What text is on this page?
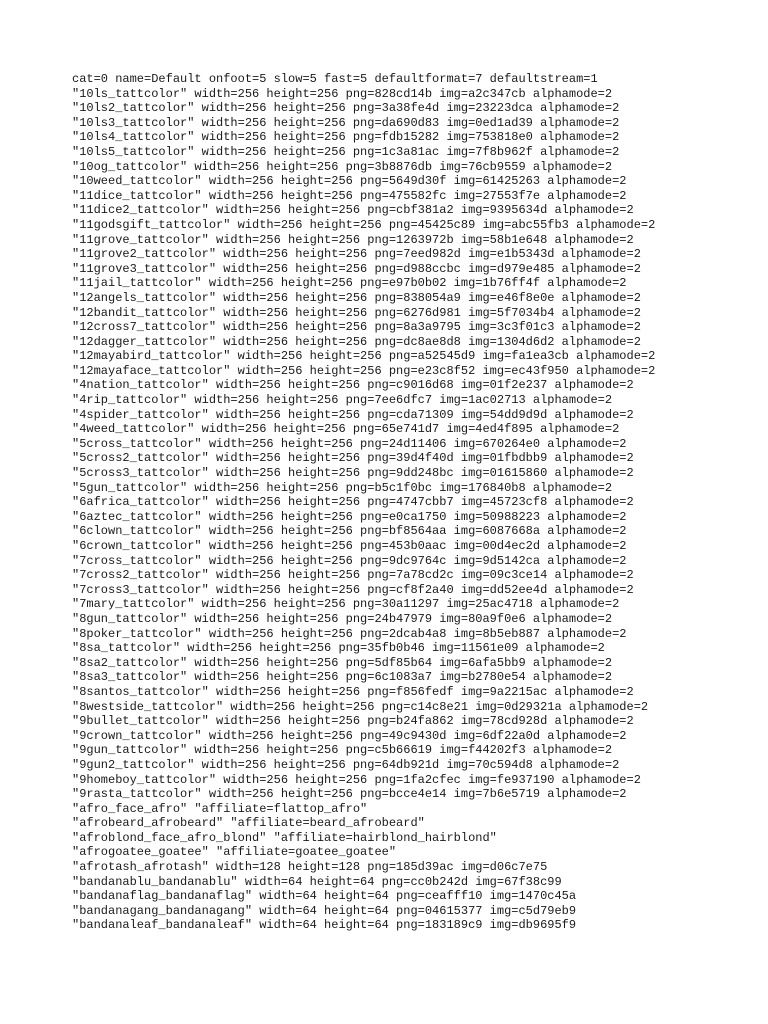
cat=0 name=Default onfoot=5 slow=5 fast=5 defaultformat=7 defaultstream=1
"10ls_tattcolor" width=256 height=256 png=828cd14b img=a2c347cb alphamode=2
"10ls2_tattcolor" width=256 height=256 png=3a38fe4d img=23223dca alphamode=2
"10ls3_tattcolor" width=256 height=256 png=da690d83 img=0ed1ad39 alphamode=2
"10ls4_tattcolor" width=256 height=256 png=fdb15282 img=753818e0 alphamode=2
"10ls5_tattcolor" width=256 height=256 png=1c3a81ac img=7f8b962f alphamode=2
"10og_tattcolor" width=256 height=256 png=3b8876db img=76cb9559 alphamode=2
"10weed_tattcolor" width=256 height=256 png=5649d30f img=61425263 alphamode=2
"11dice_tattcolor" width=256 height=256 png=475582fc img=27553f7e alphamode=2
"11dice2_tattcolor" width=256 height=256 png=cbf381a2 img=9395634d alphamode=2
"11godsgift_tattcolor" width=256 height=256 png=45425c89 img=abc55fb3 alphamode=2
"11grove_tattcolor" width=256 height=256 png=1263972b img=58b1e648 alphamode=2
"11grove2_tattcolor" width=256 height=256 png=7eed982d img=e1b5343d alphamode=2
"11grove3_tattcolor" width=256 height=256 png=d988ccbc img=d979e485 alphamode=2
"11jail_tattcolor" width=256 height=256 png=e97b0b02 img=1b76ff4f alphamode=2
"12angels_tattcolor" width=256 height=256 png=838054a9 img=e46f8e0e alphamode=2
"12bandit_tattcolor" width=256 height=256 png=6276d981 img=5f7034b4 alphamode=2
"12cross7_tattcolor" width=256 height=256 png=8a3a9795 img=3c3f01c3 alphamode=2
"12dagger_tattcolor" width=256 height=256 png=dc8ae8d8 img=1304d6d2 alphamode=2
"12mayabird_tattcolor" width=256 height=256 png=a52545d9 img=fa1ea3cb alphamode=2
"12mayaface_tattcolor" width=256 height=256 png=e23c8f52 img=ec43f950 alphamode=2
"4nation_tattcolor" width=256 height=256 png=c9016d68 img=01f2e237 alphamode=2
"4rip_tattcolor" width=256 height=256 png=7ee6dfc7 img=1ac02713 alphamode=2
"4spider_tattcolor" width=256 height=256 png=cda71309 img=54dd9d9d alphamode=2
"4weed_tattcolor" width=256 height=256 png=65e741d7 img=4ed4f895 alphamode=2
"5cross_tattcolor" width=256 height=256 png=24d11406 img=670264e0 alphamode=2
"5cross2_tattcolor" width=256 height=256 png=39d4f40d img=01fbdbb9 alphamode=2
"5cross3_tattcolor" width=256 height=256 png=9dd248bc img=01615860 alphamode=2
"5gun_tattcolor" width=256 height=256 png=b5c1f0bc img=176840b8 alphamode=2
"6africa_tattcolor" width=256 height=256 png=4747cbb7 img=45723cf8 alphamode=2
"6aztec_tattcolor" width=256 height=256 png=e0ca1750 img=50988223 alphamode=2
"6clown_tattcolor" width=256 height=256 png=bf8564aa img=6087668a alphamode=2
"6crown_tattcolor" width=256 height=256 png=453b0aac img=00d4ec2d alphamode=2
"7cross_tattcolor" width=256 height=256 png=9dc9764c img=9d5142ca alphamode=2
"7cross2_tattcolor" width=256 height=256 png=7a78cd2c img=09c3ce14 alphamode=2
"7cross3_tattcolor" width=256 height=256 png=cf8f2a40 img=dd52ee4d alphamode=2
"7mary_tattcolor" width=256 height=256 png=30a11297 img=25ac4718 alphamode=2
"8gun_tattcolor" width=256 height=256 png=24b47979 img=80a9f0e6 alphamode=2
"8poker_tattcolor" width=256 height=256 png=2dcab4a8 img=8b5eb887 alphamode=2
"8sa_tattcolor" width=256 height=256 png=35fb0b46 img=11561e09 alphamode=2
"8sa2_tattcolor" width=256 height=256 png=5df85b64 img=6afa5bb9 alphamode=2
"8sa3_tattcolor" width=256 height=256 png=6c1083a7 img=b2780e54 alphamode=2
"8santos_tattcolor" width=256 height=256 png=f856fedf img=9a2215ac alphamode=2
"8westside_tattcolor" width=256 height=256 png=c14c8e21 img=0d29321a alphamode=2
"9bullet_tattcolor" width=256 height=256 png=b24fa862 img=78cd928d alphamode=2
"9crown_tattcolor" width=256 height=256 png=49c9430d img=6df22a0d alphamode=2
"9gun_tattcolor" width=256 height=256 png=c5b66619 img=f44202f3 alphamode=2
"9gun2_tattcolor" width=256 height=256 png=64db921d img=70c594d8 alphamode=2
"9homeboy_tattcolor" width=256 height=256 png=1fa2cfec img=fe937190 alphamode=2
"9rasta_tattcolor" width=256 height=256 png=bcce4e14 img=7b6e5719 alphamode=2
"afro_face_afro" "affiliate=flattop_afro"
"afrobeard_afrobeard" "affiliate=beard_afrobeard"
"afroblond_face_afro_blond" "affiliate=hairblond_hairblond"
"afrogoatee_goatee" "affiliate=goatee_goatee"
"afrotash_afrotash" width=128 height=128 png=185d39ac img=d06c7e75
"bandanablu_bandanablu" width=64 height=64 png=cc0b242d img=67f38c99
"bandanaflag_bandanaflag" width=64 height=64 png=ceafff10 img=1470c45a
"bandanagang_bandanagang" width=64 height=64 png=04615377 img=c5d79eb9
"bandanaleaf_bandanaleaf" width=64 height=64 png=183189c9 img=db9695f9
